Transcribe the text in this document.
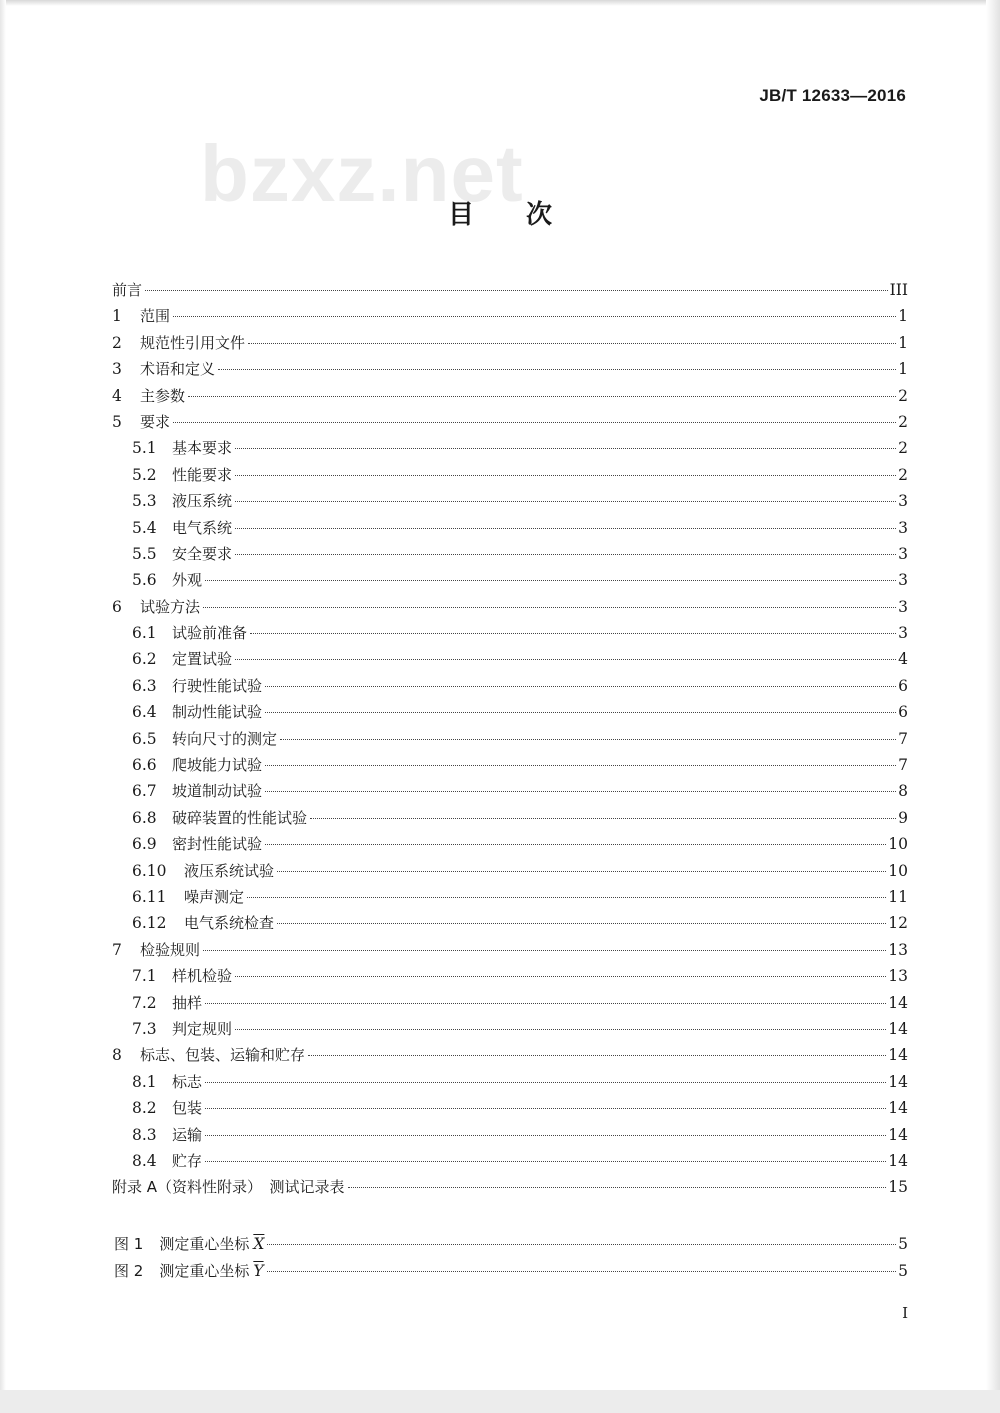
JB/T 12633—2016
bzxz.net
目次
前言	III
1	范围	1
2	规范性引用文件	1
3	术语和定义	1
4	主参数	2
5	要求	2
5.1	基本要求	2
5.2	性能要求	2
5.3	液压系统	3
5.4	电气系统	3
5.5	安全要求	3
5.6	外观	3
6	试验方法	3
6.1	试验前准备	3
6.2	定置试验	4
6.3	行驶性能试验	6
6.4	制动性能试验	6
6.5	转向尺寸的测定	7
6.6	爬坡能力试验	7
6.7	坡道制动试验	8
6.8	破碎装置的性能试验	9
6.9	密封性能试验	10
6.10	液压系统试验	10
6.11	噪声测定	11
6.12	电气系统检查	12
7	检验规则	13
7.1	样机检验	13
7.2	抽样	14
7.3	判定规则	14
8	标志、包装、运输和贮存	14
8.1	标志	14
8.2	包装	14
8.3	运输	14
8.4	贮存	14
附录 A（资料性附录）　测试记录表	15
图 1 测定重心坐标 $\overline{X}$	5
图 2 测定重心坐标 $\overline{Y}$	5
I
